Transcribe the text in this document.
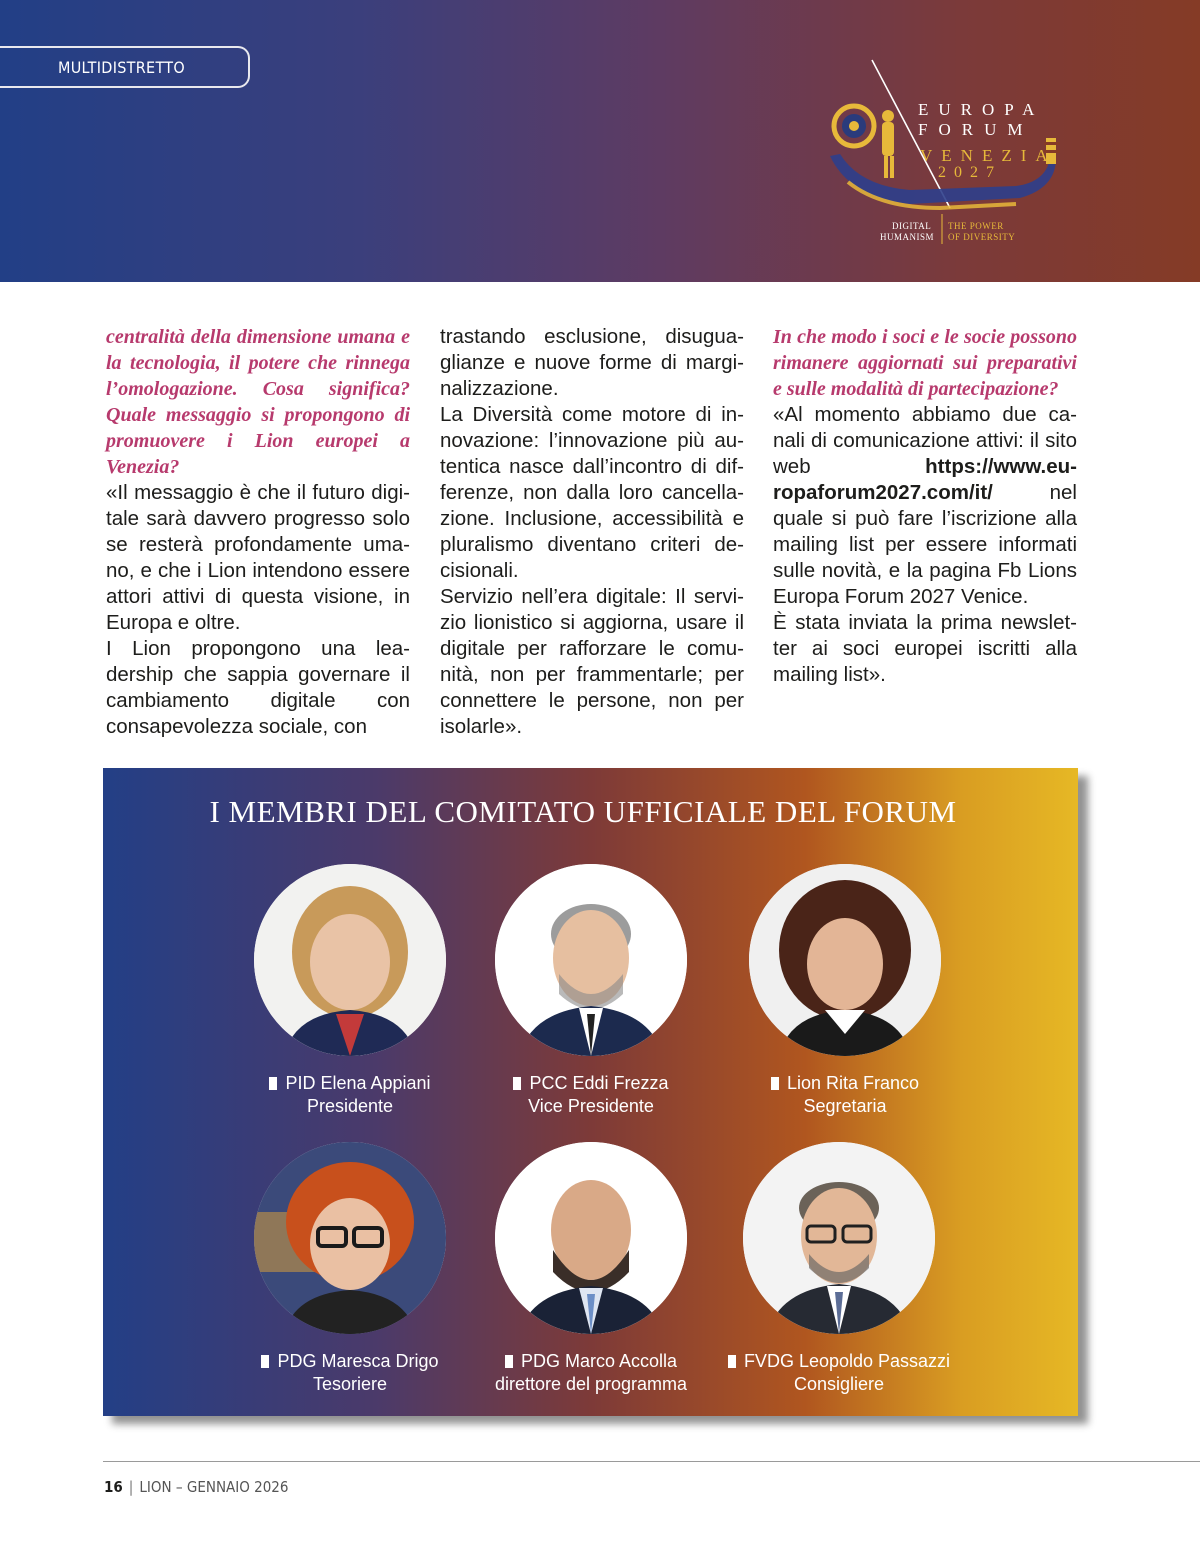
MULTIDISTRETTO
EUROPA
FORUM
VENEZIA
2027
DIGITAL
HUMANISM
THE POWER
OF DIVERSITY

centralità della dimensione umana e la tecnologia, il potere che rinnega l’omologazione. Cosa significa? Quale messaggio si propongono di promuovere i Lion europei a Venezia?

«Il messaggio è che il futuro digitale sarà davvero progresso solo se resterà profondamente umano, e che i Lion intendono essere attori attivi di questa visione, in Europa e oltre.

I Lion propongono una leadership che sappia governare il cambiamento digitale con consapevolezza sociale, con

trastando esclusione, disuguaglianze e nuove forme di marginalizzazione.

La Diversità come motore di innovazione: l’innovazione più autentica nasce dall’incontro di differenze, non dalla loro cancellazione. Inclusione, accessibilità e pluralismo diventano criteri decisionali.

Servizio nell’era digitale: Il servizio lionistico si aggiorna, usare il digitale per rafforzare le comunità, non per frammentarle; per connettere le persone, non per isolarle».

In che modo i soci e le socie possono rimanere aggiornati sui preparativi e sulle modalità di partecipazione?

«Al momento abbiamo due canali di comunicazione attivi: il sito web https://www.europaforum2027.com/it/ nel quale si può fare l’iscrizione alla mailing list per essere informati sulle novità, e la pagina Fb Lions Europa Forum 2027 Venice.

È stata inviata la prima newsletter ai soci europei iscritti alla mailing list».

I MEMBRI DEL COMITATO UFFICIALE DEL FORUM
PID Elena Appiani
Presidente
PCC Eddi Frezza
Vice Presidente
Lion Rita Franco
Segretaria
PDG Maresca Drigo
Tesoriere
PDG Marco Accolla
direttore del programma
FVDG Leopoldo Passazzi
Consigliere
16 | LION – GENNAIO 2026
